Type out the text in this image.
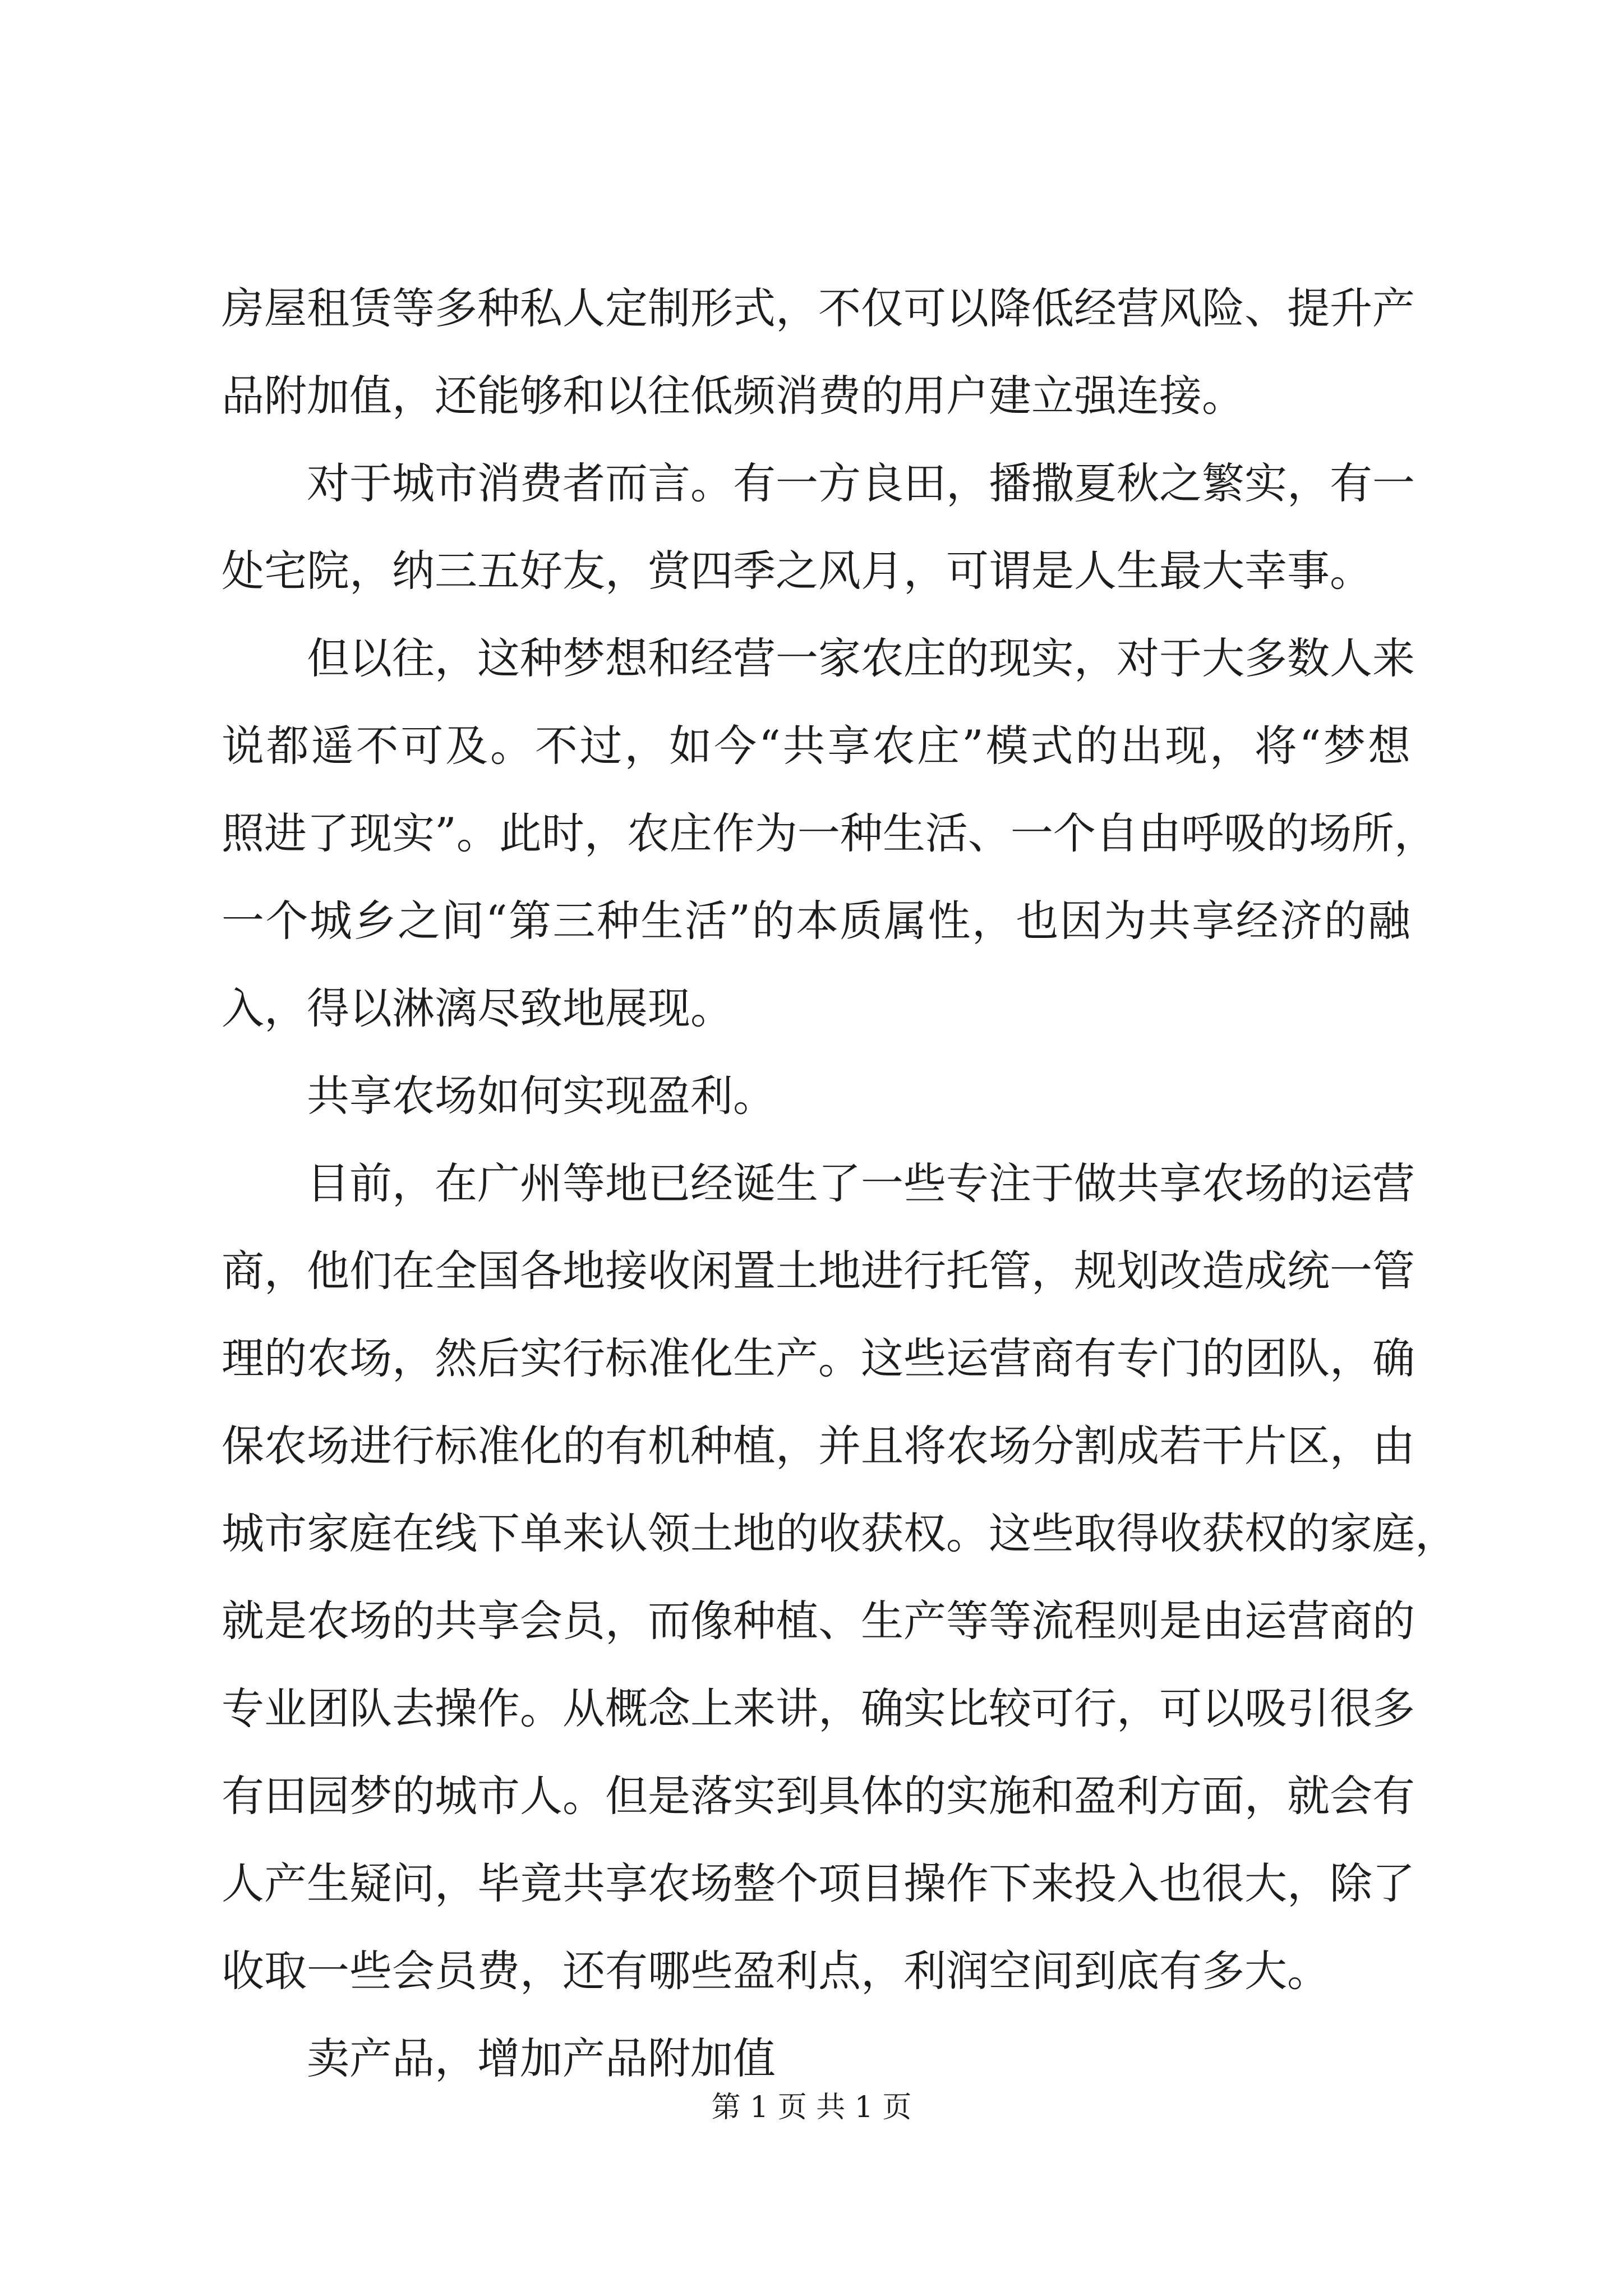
房屋租赁等多种私人定制形式，不仅可以降低经营风险、提升产
品附加值，还能够和以往低频消费的用户建立强连接。
对于城市消费者而言。有一方良田，播撒夏秋之繁实，有一
处宅院，纳三五好友，赏四季之风月，可谓是人生最大幸事。
但以往，这种梦想和经营一家农庄的现实，对于大多数人来
说都遥不可及。不过，如今“共享农庄”模式的出现，将“梦想
照进了现实”。此时，农庄作为一种生活、一个自由呼吸的场所，
一个城乡之间“第三种生活”的本质属性，也因为共享经济的融
入，得以淋漓尽致地展现。
共享农场如何实现盈利。
目前，在广州等地已经诞生了一些专注于做共享农场的运营
商，他们在全国各地接收闲置土地进行托管，规划改造成统一管
理的农场，然后实行标准化生产。这些运营商有专门的团队，确
保农场进行标准化的有机种植，并且将农场分割成若干片区，由
城市家庭在线下单来认领土地的收获权。这些取得收获权的家庭，
就是农场的共享会员，而像种植、生产等等流程则是由运营商的
专业团队去操作。从概念上来讲，确实比较可行，可以吸引很多
有田园梦的城市人。但是落实到具体的实施和盈利方面，就会有
人产生疑问，毕竟共享农场整个项目操作下来投入也很大，除了
收取一些会员费，还有哪些盈利点，利润空间到底有多大。
卖产品，增加产品附加值
第 1 页 共 1 页
